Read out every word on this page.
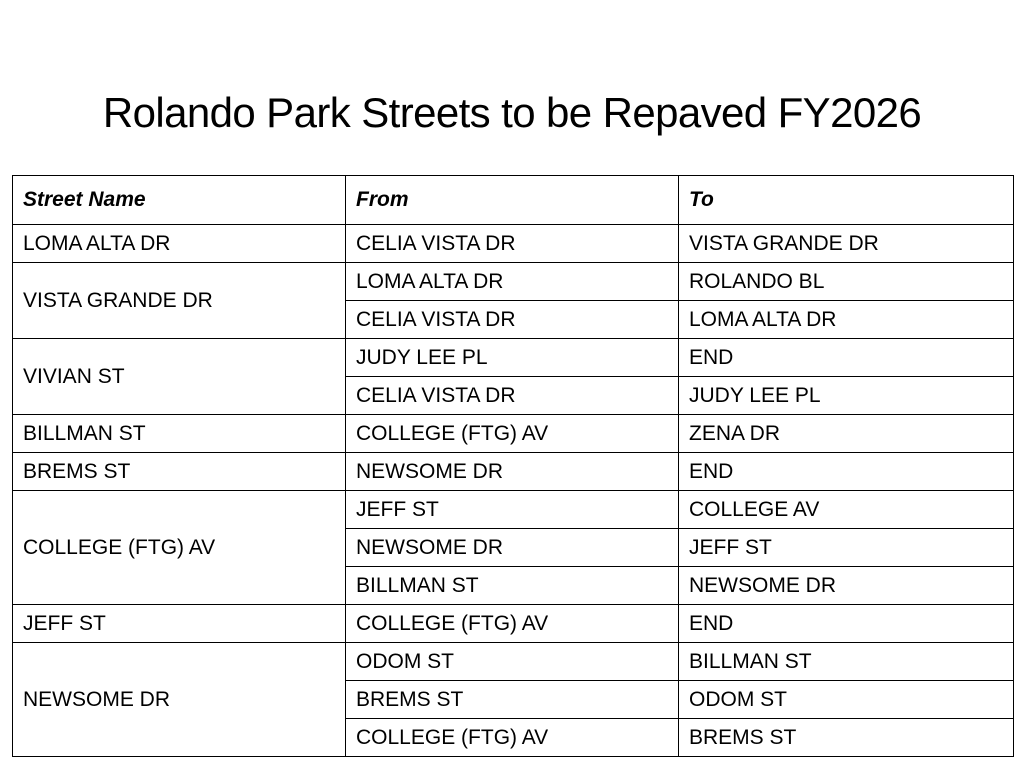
Rolando Park Streets to be Repaved FY2026
Street Name	From	To
LOMA ALTA DR	CELIA VISTA DR	VISTA GRANDE DR
VISTA GRANDE DR	LOMA ALTA DR	ROLANDO BL
	CELIA VISTA DR	LOMA ALTA DR
VIVIAN ST	JUDY LEE PL	END
	CELIA VISTA DR	JUDY LEE PL
BILLMAN ST	COLLEGE (FTG) AV	ZENA DR
BREMS ST	NEWSOME DR	END
COLLEGE (FTG) AV	JEFF ST	COLLEGE AV
	NEWSOME DR	JEFF ST
	BILLMAN ST	NEWSOME DR
JEFF ST	COLLEGE (FTG) AV	END
NEWSOME DR	ODOM ST	BILLMAN ST
	BREMS ST	ODOM ST
	COLLEGE (FTG) AV	BREMS ST
